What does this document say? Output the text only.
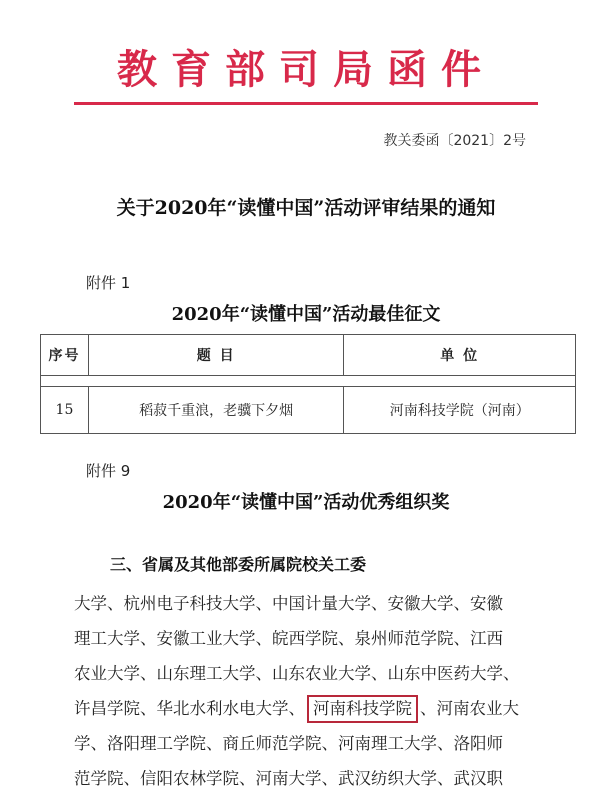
教育部司局函件
教关委函〔2021〕2号
关于2020年“读懂中国”活动评审结果的通知
附件 1
2020年“读懂中国”活动最佳征文
序号	题 目	单 位

15	稻菽千重浪，老骥下夕烟	河南科技学院（河南）
附件 9
2020年“读懂中国”活动优秀组织奖
三、省属及其他部委所属院校关工委
大学、杭州电子科技大学、中国计量大学、安徽大学、安徽
理工大学、安徽工业大学、皖西学院、泉州师范学院、江西
农业大学、山东理工大学、山东农业大学、山东中医药大学、
许昌学院、华北水利水电大学、 河南科技学院 、河南农业大
学、洛阳理工学院、商丘师范学院、河南理工大学、洛阳师
范学院、信阳农林学院、河南大学、武汉纺织大学、武汉职
